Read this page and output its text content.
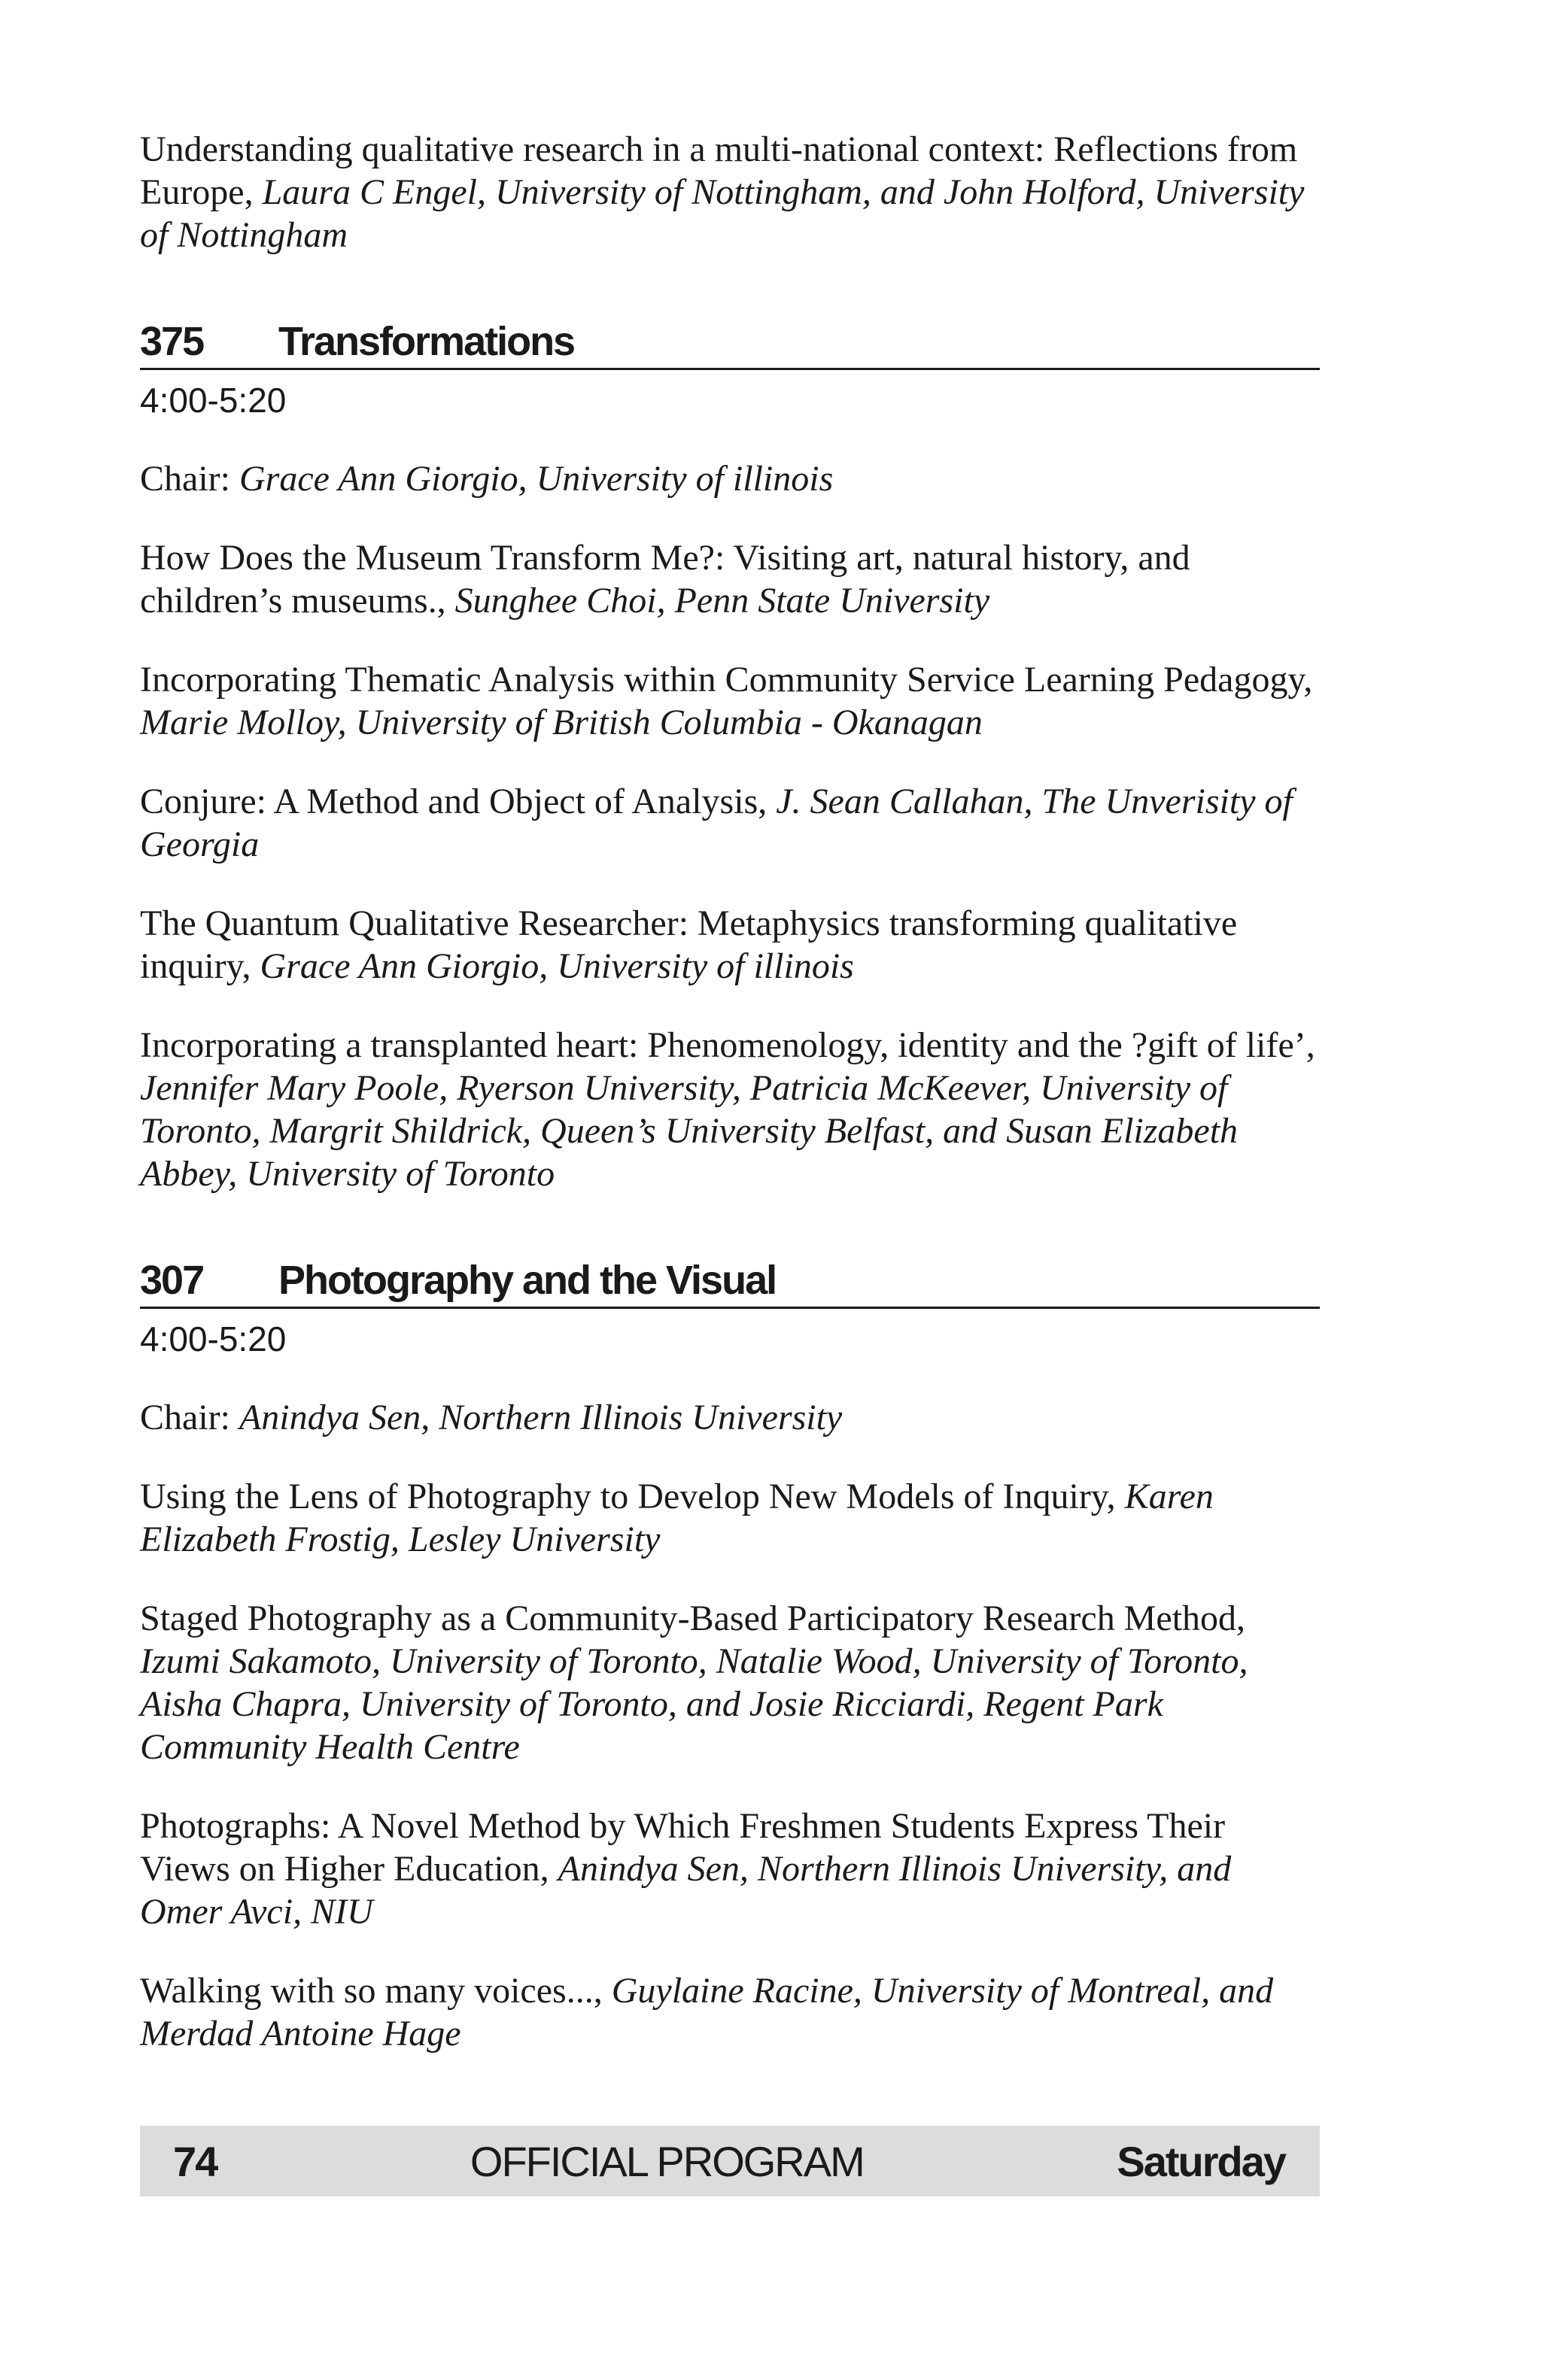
Understanding qualitative research in a multi-national context: Reflections from Europe, Laura C Engel, University of Nottingham, and John Holford, University of Nottingham

375	Transformations
4:00-5:20

Chair: Grace Ann Giorgio, University of illinois

How Does the Museum Transform Me?: Visiting art, natural history, and children’s museums., Sunghee Choi, Penn State University

Incorporating Thematic Analysis within Community Service Learning Pedagogy, Marie Molloy, University of British Columbia - Okanagan

Conjure: A Method and Object of Analysis, J. Sean Callahan, The Unverisity of Georgia

The Quantum Qualitative Researcher: Metaphysics transforming qualitative inquiry, Grace Ann Giorgio, University of illinois

Incorporating a transplanted heart: Phenomenology, identity and the ?gift of life’, Jennifer Mary Poole, Ryerson University, Patricia McKeever, University of Toronto, Margrit Shildrick, Queen’s University Belfast, and Susan Elizabeth Abbey, University of Toronto

307	Photography and the Visual
4:00-5:20

Chair: Anindya Sen, Northern Illinois University

Using the Lens of Photography to Develop New Models of Inquiry, Karen Elizabeth Frostig, Lesley University

Staged Photography as a Community-Based Participatory Research Method, Izumi Sakamoto, University of Toronto, Natalie Wood, University of Toronto, Aisha Chapra, University of Toronto, and Josie Ricciardi, Regent Park Community Health Centre

Photographs: A Novel Method by Which Freshmen Students Express Their Views on Higher Education, Anindya Sen, Northern Illinois University, and Omer Avci, NIU

Walking with so many voices..., Guylaine Racine, University of Montreal, and Merdad Antoine Hage

74	OFFICIAL PROGRAM	Saturday
